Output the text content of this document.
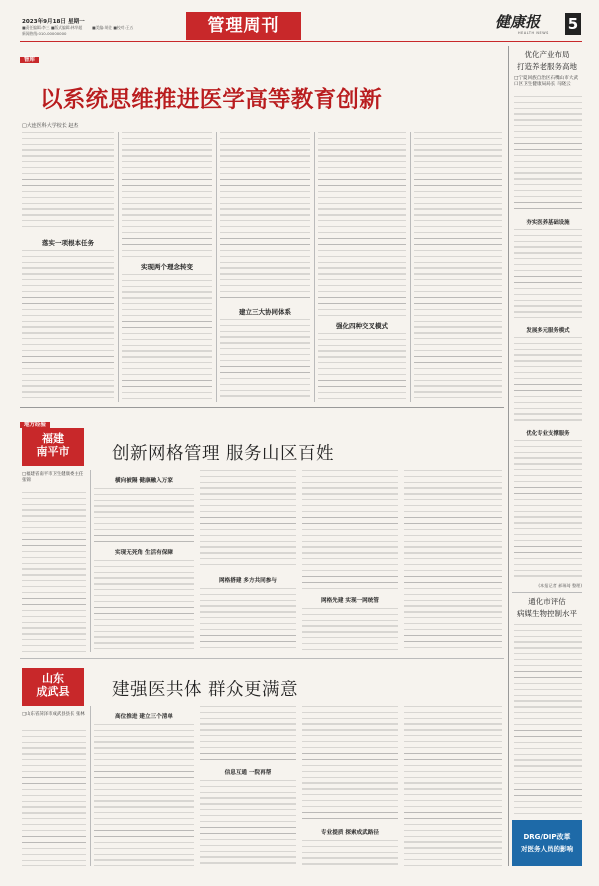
2023年9月18日 星期一
■责任编辑:李三 ■版式编辑:林华超	■美编:胡佐 ■校对:王五
新闻热线:010-00000000	管理周刊	健康报
HEALTH NEWS 5
智库
以系统思维推进医学高等教育创新
□大连医科大学校长 赵杰
落实一项根本任务
实现两个理念转变
建立三大协同体系
强化四种交叉模式
优化产业布局
打造养老服务高地
□宁夏回族自治区石嘴山市大武口区卫生健康局局长 马晓云
夯实医养基础设施
发展多元服务模式
优化专业支撑服务
(本报记者 郝瑞琦 整理)
通化市评估
病媒生物控制水平
DRG/DIP改革
对医务人员的影响
地方经验
福建
南平市
□福建省南平市卫生健康委主任 张锦
创新网格管理 服务山区百姓
横向被隔 健康融入万家
实现无死角 生活有保障
网格搭建 多方共同参与
网格先建 实现一网统管
山东
成武县
□山东省菏泽市成武县县长 张林
建强医共体 群众更满意
高位推进 建立三个清单
信息互通 一院再帮
专业提质 探索成武路径
